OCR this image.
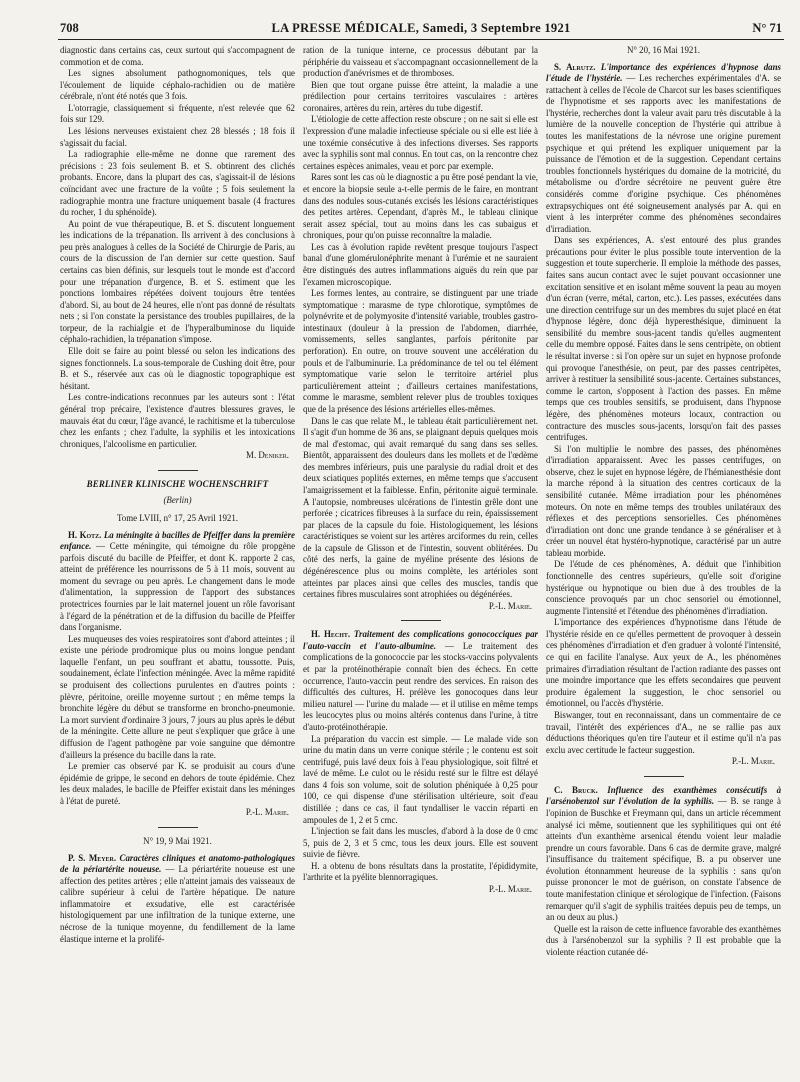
708	LA PRESSE MÉDICALE, Samedi, 3 Septembre 1921	N° 71

diagnostic dans certains cas, ceux surtout qui s'accompagnent de commotion et de coma.

Les signes absolument pathognomoniques, tels que l'écoulement de liquide céphalo-rachidien ou de matière cérébrale, n'ont été notés que 3 fois.

L'otorragie, classiquement si fréquente, n'est relevée que 62 fois sur 129.

Les lésions nerveuses existaient chez 28 blessés ; 18 fois il s'agissait du facial.

La radiographie elle-même ne donne que rarement des précisions : 23 fois seulement B. et S. obtinrent des clichés probants. Encore, dans la plupart des cas, s'agissait-il de lésions coïncidant avec une fracture de la voûte ; 5 fois seulement la radiographie montra une fracture uniquement basale (4 fractures du rocher, 1 du sphénoïde).

Au point de vue thérapeutique, B. et S. discutent longuement les indications de la trépanation. Ils arrivent à des conclusions à peu près analogues à celles de la Société de Chirurgie de Paris, au cours de la discussion de l'an dernier sur cette question. Sauf certains cas bien définis, sur lesquels tout le monde est d'accord pour une trépanation d'urgence, B. et S. estiment que les ponctions lombaires répétées doivent toujours être tentées d'abord. Si, au bout de 24 heures, elle n'ont pas donné de résultats nets ; si l'on constate la persistance des troubles pupillaires, de la torpeur, de la rachialgie et de l'hyperalbuminose du liquide céphalo-rachidien, la trépanation s'impose.

Elle doit se faire au point blessé ou selon les indications des signes fonctionnels. La sous-temporale de Cushing doit être, pour B. et S., réservée aux cas où le diagnostic topographique est hésitant.

Les contre-indications reconnues par les auteurs sont : l'état général trop précaire, l'existence d'autres blessures graves, le mauvais état du cœur, l'âge avancé, le rachitisme et la tuberculose chez les enfants ; chez l'adulte, la syphilis et les intoxications chroniques, l'alcoolisme en particulier.

M. Deniker.
BERLINER KLINISCHE WOCHENSCHRIFT
(Berlin)
Tome LVIII, n° 17, 25 Avril 1921.

H. Kotz. La méningite à bacilles de Pfeiffer dans la première enfance. — Cette méningite, qui témoigne du rôle propgène parfois discuté du bacille de Pfeiffer, et dont K. rapporte 2 cas, atteint de préférence les nourrissons de 5 à 11 mois, souvent au moment du sevrage ou peu après. Le changement dans le mode d'alimentation, la suppression de l'apport des substances protectrices fournies par le lait maternel jouent un rôle favorisant à l'égard de la pénétration et de la diffusion du bacille de Pfeiffer dans l'organisme.

Les muqueuses des voies respiratoires sont d'abord atteintes ; il existe une période prodromique plus ou moins longue pendant laquelle l'enfant, un peu souffrant et abattu, toussotte. Puis, soudainement, éclate l'infection méningée. Avec la même rapidité se produisent des collections purulentes en d'autres points : plèvre, péritoine, oreille moyenne surtout ; en même temps la bronchite légère du début se transforme en broncho-pneumonie. La mort survient d'ordinaire 3 jours, 7 jours au plus après le début de la méningite. Cette allure ne peut s'expliquer que grâce à une diffusion de l'agent pathogène par voie sanguine que démontre d'ailleurs la présence du bacille dans la rate.

Le premier cas observé par K. se produisit au cours d'une épidémie de grippe, le second en dehors de toute épidémie. Chez les deux malades, le bacille de Pfeiffer existait dans les méninges à l'état de pureté.

P.-L. Marie.
N° 19, 9 Mai 1921.

P. S. Meyer. Caractères cliniques et anatomo-pathologiques de la périartérite noueuse. — La périartérite noueuse est une affection des petites artères ; elle n'atteint jamais des vaisseaux de calibre supérieur à celui de l'artère hépatique. De nature inflammatoire et exsudative, elle est caractérisée histologiquement par une infiltration de la tunique externe, une nécrose de la tunique moyenne, du fendillement de la lame élastique interne et la prolifé-

ration de la tunique interne, ce processus débutant par la périphérie du vaisseau et s'accompagnant occasionnellement de la production d'anévrismes et de thromboses.

Bien que tout organe puisse être atteint, la maladie a une prédilection pour certains territoires vasculaires : artères coronaires, artères du rein, artères du tube digestif.

L'étiologie de cette affection reste obscure ; on ne sait si elle est l'expression d'une maladie infectieuse spéciale ou si elle est liée à une toxémie consécutive à des infections diverses. Ses rapports avec la syphilis sont mal connus. En tout cas, on la rencontre chez certaines espèces animales, veau et porc par exemple.

Rares sont les cas où le diagnostic a pu être posé pendant la vie, et encore la biopsie seule a-t-elle permis de le faire, en montrant dans des nodules sous-cutanés excisés les lésions caractéristiques des petites artères. Cependant, d'après M., le tableau clinique serait assez spécial, tout au moins dans les cas subaigus et chroniques, pour qu'on puisse reconnaître la maladie.

Les cas à évolution rapide revêtent presque toujours l'aspect banal d'une glomérulonéphrite menant à l'urémie et ne sauraient être distingués des autres inflammations aiguës du rein que par l'examen microscopique.

Les formes lentes, au contraire, se distinguent par une triade symptomatique : marasme de type chlorotique, symptômes de polynévrite et de polymyosite d'intensité variable, troubles gastro-intestinaux (douleur à la pression de l'abdomen, diarrhée, vomissements, selles sanglantes, parfois péritonite par perforation). En outre, on trouve souvent une accélération du pouls et de l'albuminurie. La prédominance de tel ou tel élément symptomatique varie selon le territoire artériel plus particulièrement atteint ; d'ailleurs certaines manifestations, comme le marasme, semblent relever plus de troubles toxiques que de la présence des lésions artérielles elles-mêmes.

Dans le cas que relate M., le tableau était particulièrement net. Il s'agit d'un homme de 36 ans, se plaignant depuis quelques mois de mal d'estomac, qui avait remarqué du sang dans ses selles. Bientôt, apparaissent des douleurs dans les mollets et de l'œdème des membres inférieurs, puis une paralysie du radial droit et des deux sciatiques poplités externes, en même temps que s'accusent l'amaigrissement et la faiblesse. Enfin, péritonite aiguë terminale. A l'autopsie, nombreuses ulcérations de l'intestin grêle dont une perforée ; cicatrices fibreuses à la surface du rein, épaississement par places de la capsule du foie. Histologiquement, les lésions caractéristiques se voient sur les artères arciformes du rein, celles de la capsule de Glisson et de l'intestin, souvent oblitérées. Du côté des nerfs, la gaine de myéline présente des lésions de dégénérescence plus ou moins complète, les artérioles sont atteintes par places ainsi que celles des muscles, tandis que certaines fibres musculaires sont atrophiées ou dégénérées.

P.-L. Marie.

H. Hecht. Traitement des complications gonococciques par l'auto-vaccin et l'auto-albumine. — Le traitement des complications de la gonococcie par les stocks-vaccins polyvalents et par la protéinothérapie connaît bien des échecs. En cette occurrence, l'auto-vaccin peut rendre des services. En raison des difficultés des cultures, H. prélève les gonocoques dans leur milieu naturel — l'urine du malade — et il utilise en même temps les leucocytes plus ou moins altérés contenus dans l'urine, à titre d'auto-protéinothérapie.

La préparation du vaccin est simple. — Le malade vide son urine du matin dans un verre conique stérile ; le contenu est soit centrifugé, puis lavé deux fois à l'eau physiologique, soit filtré et lavé de même. Le culot ou le résidu resté sur le filtre est délayé dans 4 fois son volume, soit de solution phéniquée à 0,25 pour 100, ce qui dispense d'une stérilisation ultérieure, soit d'eau distillée ; dans ce cas, il faut tyndalliser le vaccin réparti en ampoules de 1, 2 et 5 cmc.

L'injection se fait dans les muscles, d'abord à la dose de 0 cmc 5, puis de 2, 3 et 5 cmc, tous les deux jours. Elle est souvent suivie de fièvre.

H. a obtenu de bons résultats dans la prostatite, l'épididymite, l'arthrite et la pyélite blennorragiques.

P.-L. Marie.
N° 20, 16 Mai 1921.

S. Alrutz. L'importance des expériences d'hypnose dans l'étude de l'hystérie. — Les recherches expérimentales d'A. se rattachent à celles de l'école de Charcot sur les bases scientifiques de l'hypnotisme et ses rapports avec les manifestations de l'hystérie, recherches dont la valeur avait paru très discutable à la lumière de la nouvelle conception de l'hystérie qui attribue à toutes les manifestations de la névrose une origine purement psychique et qui prétend les expliquer uniquement par la puissance de l'émotion et de la suggestion. Cependant certains troubles fonctionnels hystériques du domaine de la motricité, du métabolisme ou d'ordre sécrétoire ne peuvent guère être considérés comme d'origine psychique. Ces phénomènes extrapsychiques ont été soigneusement analysés par A. qui en vient à les interpréter comme des phénomènes secondaires d'irradiation.

Dans ses expériences, A. s'est entouré des plus grandes précautions pour éviter le plus possible toute intervention de la suggestion et toute supercherie. Il emploie la méthode des passes, faites sans aucun contact avec le sujet pouvant occasionner une excitation sensitive et en isolant même souvent la peau au moyen d'un écran (verre, métal, carton, etc.). Les passes, exécutées dans une direction centrifuge sur un des membres du sujet placé en état d'hypnose légère, donc déjà hyperesthésique, diminuent la sensibilité du membre sous-jacent tandis qu'elles augmentent celle du membre opposé. Faites dans le sens centripète, on obtient le résultat inverse : si l'on opère sur un sujet en hypnose profonde qui provoque l'anesthésie, on peut, par des passes centripètes, arriver à restituer la sensibilité sous-jacente. Certaines substances, comme le carton, s'opposent à l'action des passes. En même temps que ces troubles sensitifs, se produisent, dans l'hypnose légère, des phénomènes moteurs locaux, contraction ou contracture des muscles sous-jacents, lorsqu'on fait des passes centrifuges.

Si l'on multiplie le nombre des passes, des phénomènes d'irradiation apparaissent. Avec les passes centrifuges, on observe, chez le sujet en hypnose légère, de l'hémianesthésie dont la marche répond à la situation des centres corticaux de la sensibilité cutanée. Même irradiation pour les phénomènes moteurs. On note en même temps des troubles unilatéraux des réflexes et des perceptions sensorielles. Ces phénomènes d'irradiation ont donc une grande tendance à se généraliser et à créer un nouvel état hystéro-hypnotique, caractérisé par un autre tableau morbide.

De l'étude de ces phénomènes, A. déduit que l'inhibition fonctionnelle des centres supérieurs, qu'elle soit d'origine hystérique ou hypnotique ou bien due à des troubles de la conscience provoqués par un choc sensoriel ou émotionnel, augmente l'intensité et l'étendue des phénomènes d'irradiation.

L'importance des expériences d'hypnotisme dans l'étude de l'hystérie réside en ce qu'elles permettent de provoquer à dessein ces phénomènes d'irradiation et d'en graduer à volonté l'intensité, ce qui en facilite l'analyse. Aux yeux de A., les phénomènes primaires d'irradiation résultant de l'action radiante des passes ont une moindre importance que les effets secondaires que peuvent produire également la suggestion, le choc sensoriel ou émotionnel, ou l'accès d'hystérie.

Biswanger, tout en reconnaissant, dans un commentaire de ce travail, l'intérêt des expériences d'A., ne se rallie pas aux déductions théoriques qu'en tire l'auteur et il estime qu'il n'a pas exclu avec certitude le facteur suggestion.

P.-L. Marie.

C. Bruck. Influence des exanthèmes consécutifs à l'arsénobenzol sur l'évolution de la syphilis. — B. se range à l'opinion de Buschke et Freymann qui, dans un article récemment analysé ici même, soutiennent que les syphilitiques qui ont été atteints d'un exanthème arsenical étendu voient leur maladie prendre un cours favorable. Dans 6 cas de dermite grave, malgré l'insuffisance du traitement spécifique, B. a pu observer une évolution étonnamment heureuse de la syphilis : sans qu'on puisse prononcer le mot de guérison, on constate l'absence de toute manifestation clinique et sérologique de l'infection. (Faisons remarquer qu'il s'agit de syphilis traitées depuis peu de temps, un an ou deux au plus.)

Quelle est la raison de cette influence favorable des exanthèmes dus à l'arsénobenzol sur la syphilis ? Il est probable que la violente réaction cutanée dé-
